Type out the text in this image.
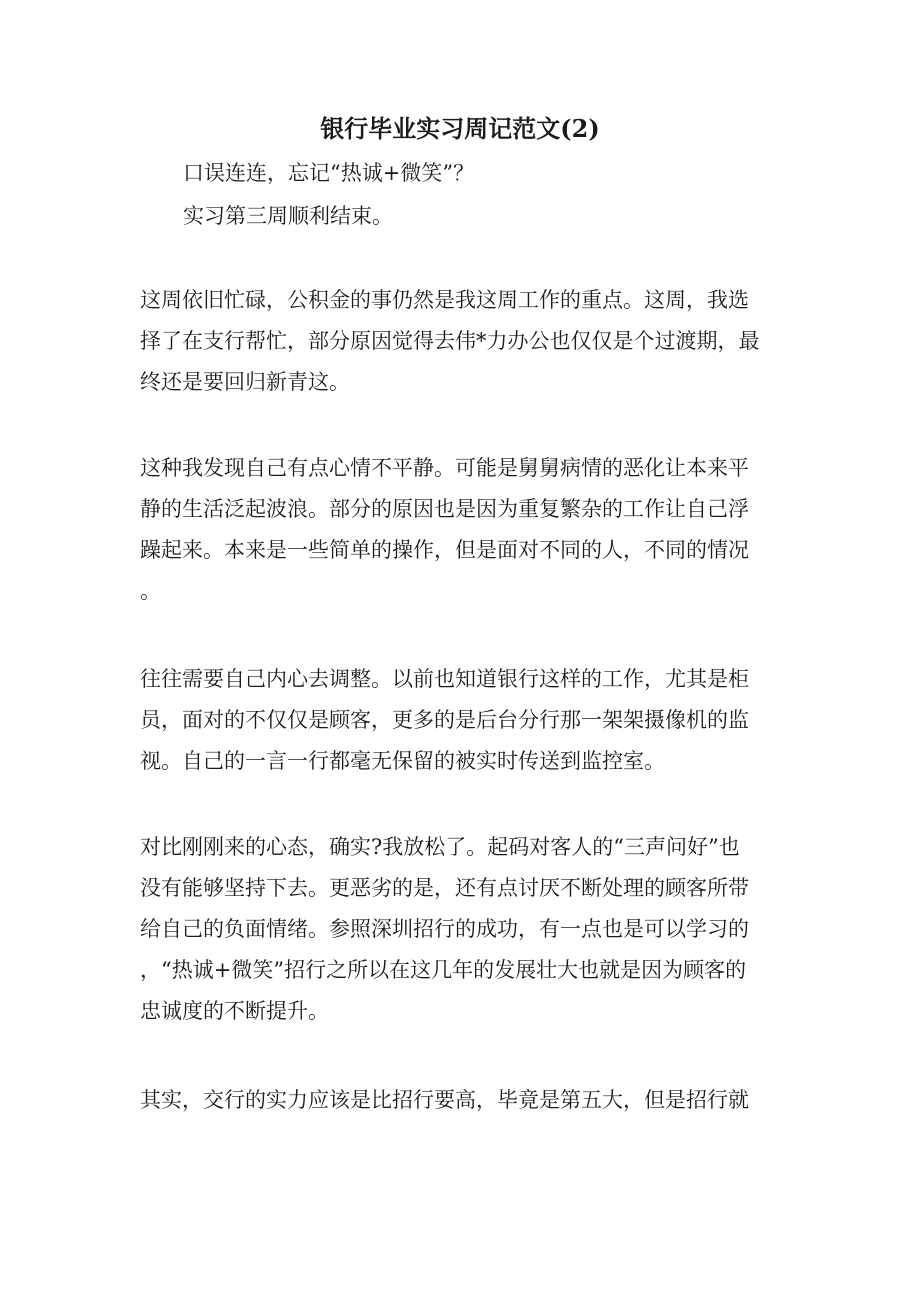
银行毕业实习周记范文(2)
口误连连，忘记“热诚+微笑”？
实习第三周顺利结束。
这周依旧忙碌，公积金的事仍然是我这周工作的重点。这周，我选
择了在支行帮忙，部分原因觉得去伟*力办公也仅仅是个过渡期，最
终还是要回归新青这。
这种我发现自己有点心情不平静。可能是舅舅病情的恶化让本来平
静的生活泛起波浪。部分的原因也是因为重复繁杂的工作让自己浮
躁起来。本来是一些简单的操作，但是面对不同的人，不同的情况
。
往往需要自己内心去调整。以前也知道银行这样的工作，尤其是柜
员，面对的不仅仅是顾客，更多的是后台分行那一架架摄像机的监
视。自己的一言一行都毫无保留的被实时传送到监控室。
对比刚刚来的心态，确实?我放松了。起码对客人的“三声问好”也
没有能够坚持下去。更恶劣的是，还有点讨厌不断处理的顾客所带
给自己的负面情绪。参照深圳招行的成功，有一点也是可以学习的
，“热诚+微笑”招行之所以在这几年的发展壮大也就是因为顾客的
忠诚度的不断提升。
其实，交行的实力应该是比招行要高，毕竟是第五大，但是招行就
